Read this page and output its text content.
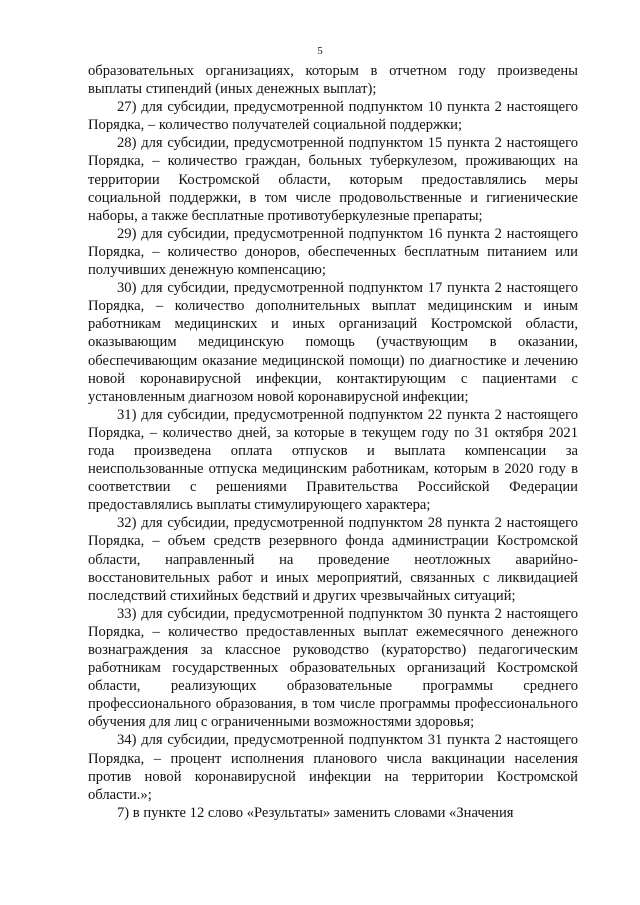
5

образовательных организациях, которым в отчетном году произведены выплаты стипендий (иных денежных выплат);

27) для субсидии, предусмотренной подпунктом 10 пункта 2 настоящего Порядка, – количество получателей социальной поддержки;

28) для субсидии, предусмотренной подпунктом 15 пункта 2 настоящего Порядка, – количество граждан, больных туберкулезом, проживающих на территории Костромской области, которым предоставлялись меры социальной поддержки, в том числе продовольственные и гигиенические наборы, а также бесплатные противотуберкулезные препараты;

29) для субсидии, предусмотренной подпунктом 16 пункта 2 настоящего Порядка, – количество доноров, обеспеченных бесплатным питанием или получивших денежную компенсацию;

30) для субсидии, предусмотренной подпунктом 17 пункта 2 настоящего Порядка, – количество дополнительных выплат медицинским и иным работникам медицинских и иных организаций Костромской области, оказывающим медицинскую помощь (участвующим в оказании, обеспечивающим оказание медицинской помощи) по диагностике и лечению новой коронавирусной инфекции, контактирующим с пациентами с установленным диагнозом новой коронавирусной инфекции;

31) для субсидии, предусмотренной подпунктом 22 пункта 2 настоящего Порядка, – количество дней, за которые в текущем году по 31 октября 2021 года произведена оплата отпусков и выплата компенсации за неиспользованные отпуска медицинским работникам, которым в 2020 году в соответствии с решениями Правительства Российской Федерации предоставлялись выплаты стимулирующего характера;

32) для субсидии, предусмотренной подпунктом 28 пункта 2 настоящего Порядка, – объем средств резервного фонда администрации Костромской области, направленный на проведение неотложных аварийно-восстановительных работ и иных мероприятий, связанных с ликвидацией последствий стихийных бедствий и других чрезвычайных ситуаций;

33) для субсидии, предусмотренной подпунктом 30 пункта 2 настоящего Порядка, – количество предоставленных выплат ежемесячного денежного вознаграждения за классное руководство (кураторство) педагогическим работникам государственных образовательных организаций Костромской области, реализующих образовательные программы среднего профессионального образования, в том числе программы профессионального обучения для лиц с ограниченными возможностями здоровья;

34) для субсидии, предусмотренной подпунктом 31 пункта 2 настоящего Порядка, – процент исполнения планового числа вакцинации населения против новой коронавирусной инфекции на территории Костромской области.»;

7) в пункте 12 слово «Результаты» заменить словами «Значения
